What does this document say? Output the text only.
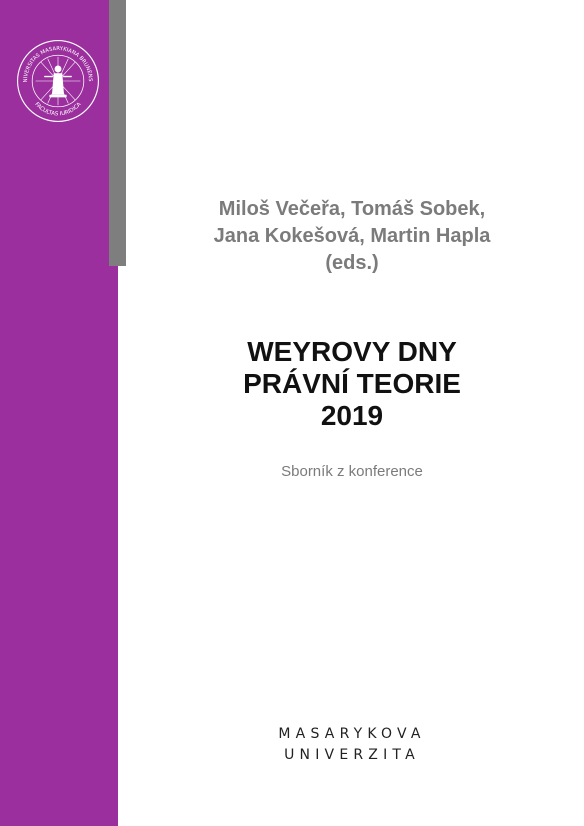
NIVERSITAS MASARYKIANA BRUNENS
FACULTAS IURIDICA
Miloš Večeřa, Tomáš Sobek,
Jana Kokešová, Martin Hapla
(eds.)
WEYROVY DNY
PRÁVNÍ TEORIE
2019
Sborník z konference
MASARYKOVA
UNIVERZITA
